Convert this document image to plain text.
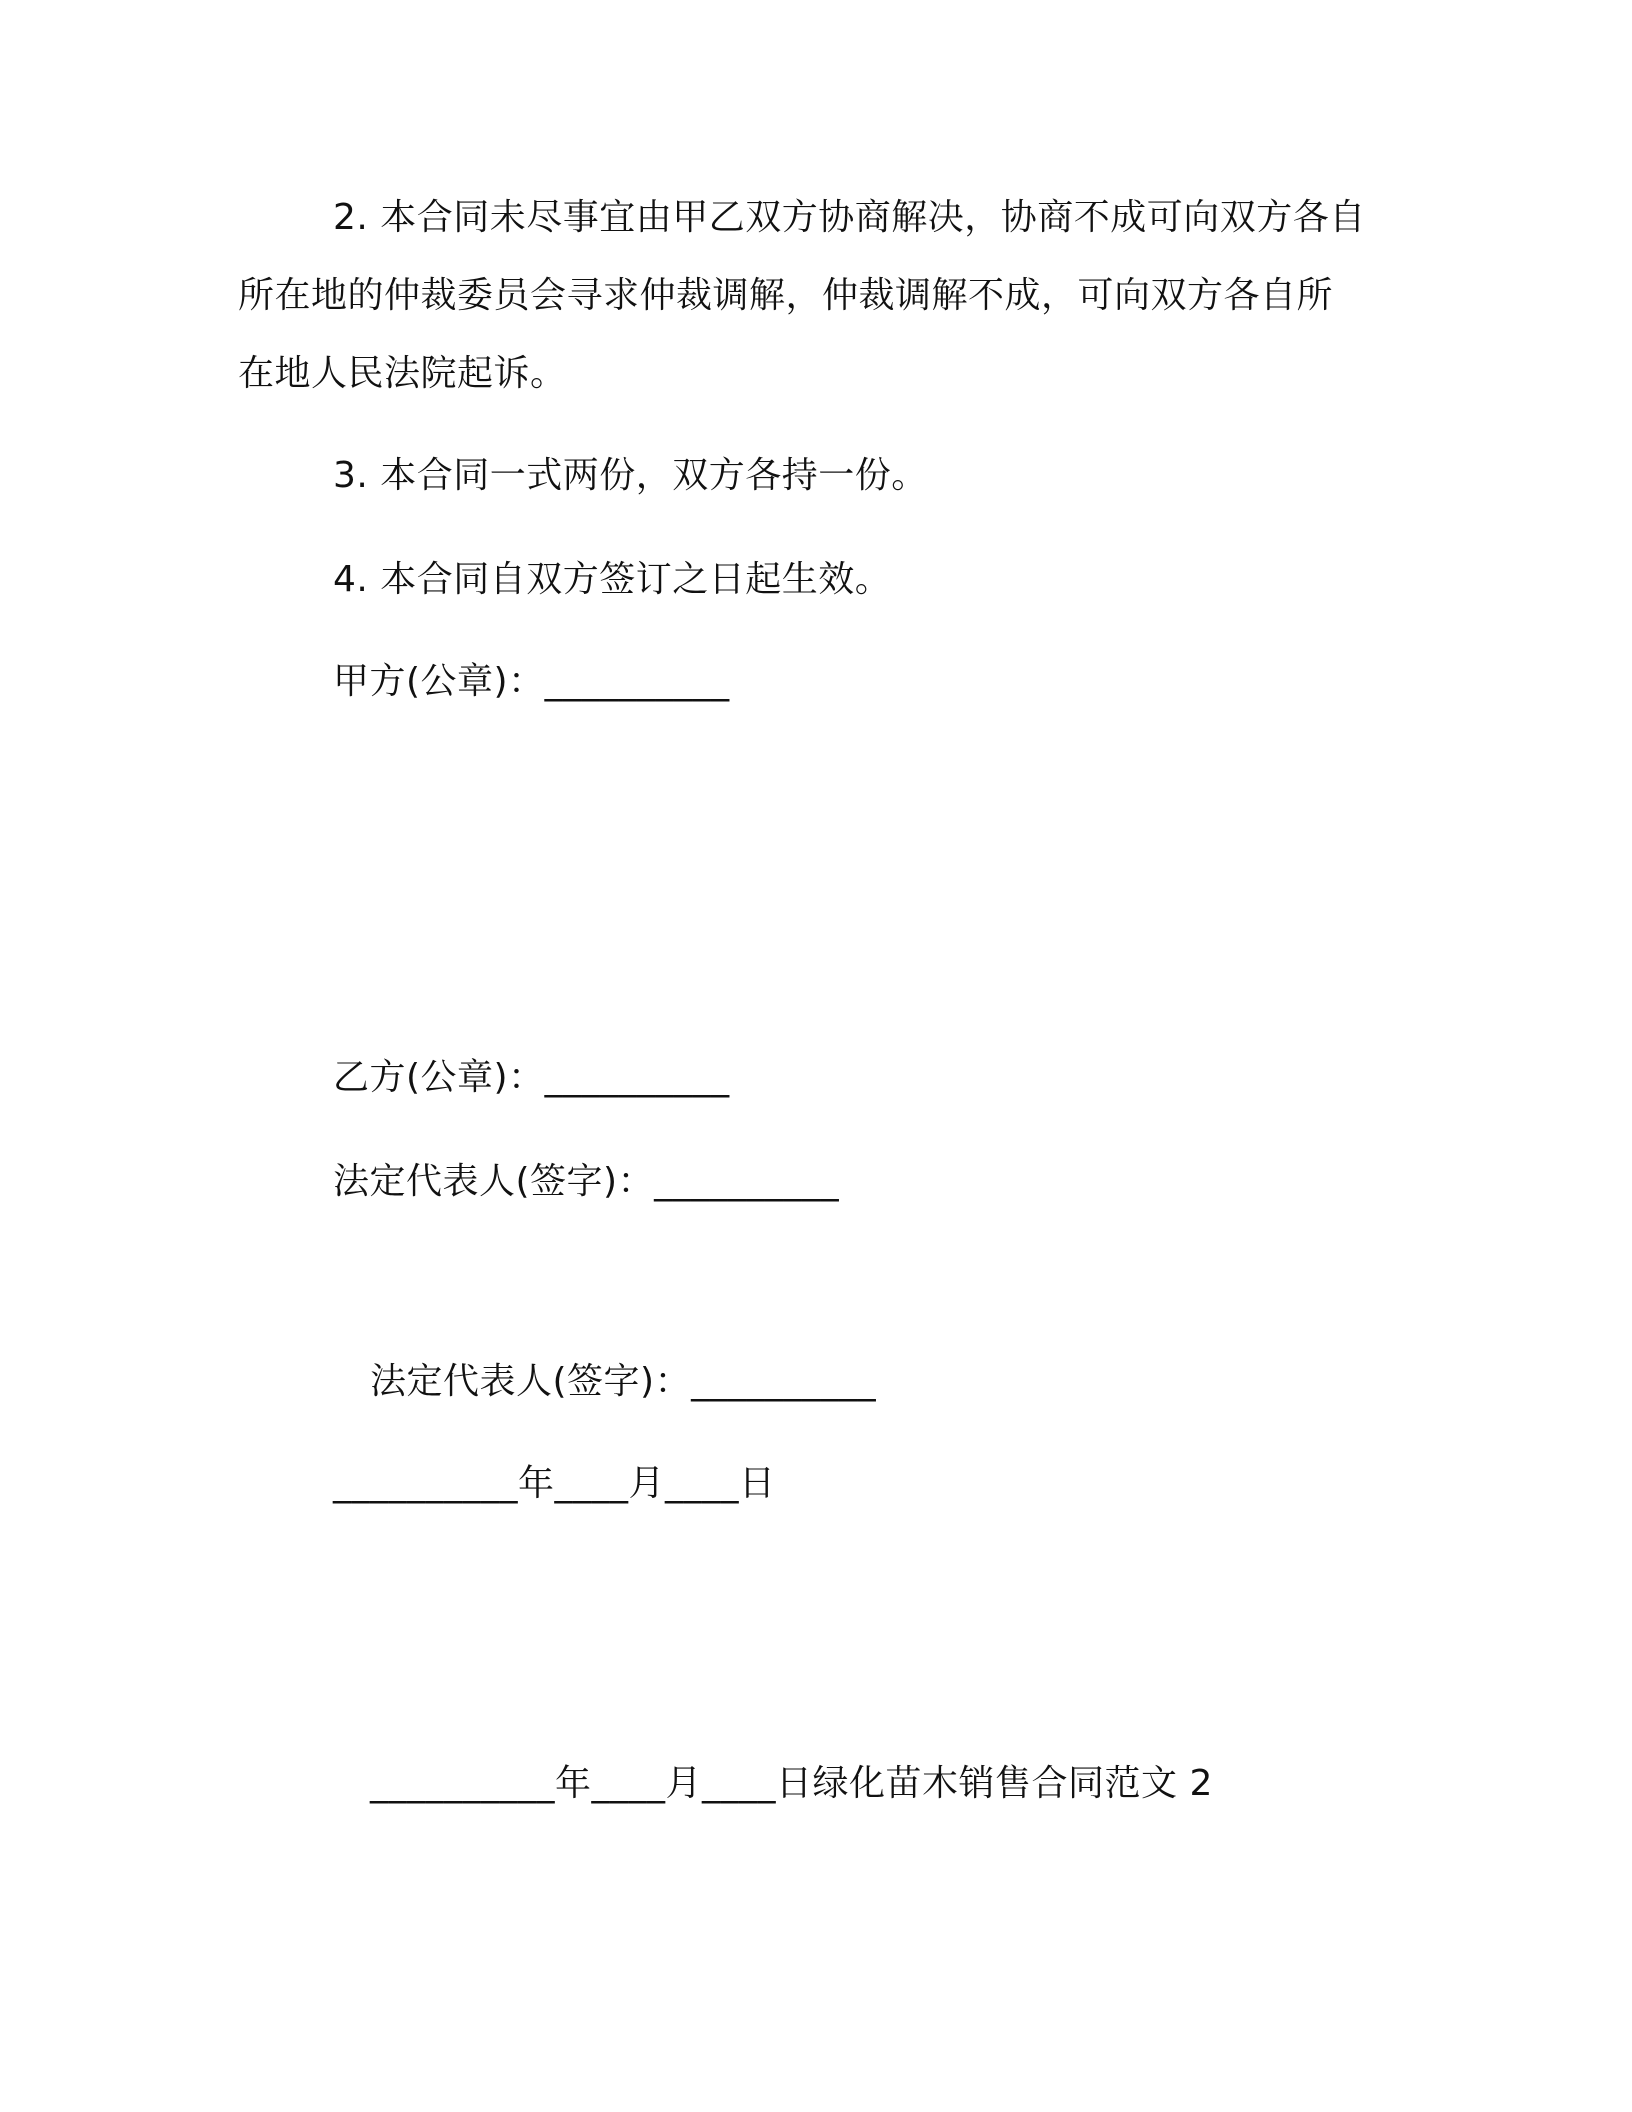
2. 本合同未尽事宜由甲乙双方协商解决，协商不成可向双方各自
所在地的仲裁委员会寻求仲裁调解，仲裁调解不成，可向双方各自所
在地人民法院起诉。
3. 本合同一式两份，双方各持一份。
4. 本合同自双方签订之日起生效。
甲方(公章)：__________
乙方(公章)：__________
法定代表人(签字)：__________
法定代表人(签字)：__________
__________年____月____日
__________年____月____日绿化苗木销售合同范文 2
